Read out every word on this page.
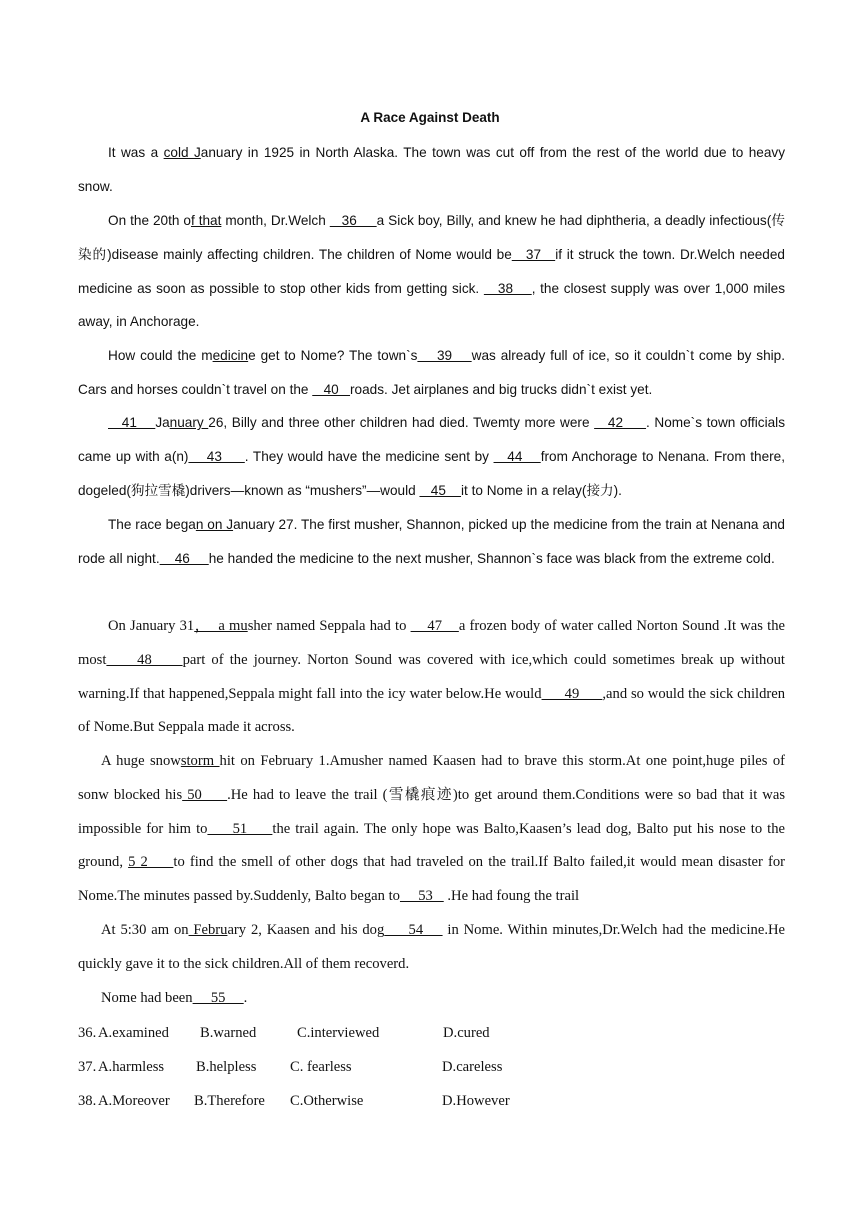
A Race Against Death

It was a cold January in 1925 in North Alaska. The town was cut off from the rest of the world due to heavy snow.

On the 20th of that month, Dr.Welch    36     a Sick boy, Billy, and knew he had diphtheria, a deadly infectious(传染的)disease mainly affecting children. The children of Nome would be   37   if it struck the town. Dr.Welch needed medicine as soon as possible to stop other kids from getting sick.    38    , the closest supply was over 1,000 miles away, in Anchorage.

How could the medicine get to Nome? The town`s    39    was already full of ice, so it couldn`t come by ship. Cars and horses couldn`t travel on the    40   roads. Jet airplanes and big trucks didn`t exist yet.

41    January 26, Billy and three other children had died. Twemty more were    42     . Nome`s town officials came up with a(n)    43     . They would have the medicine sent by    44    from Anchorage to Nenana. From there, dogeled(狗拉雪橇)drivers—known as “mushers”—would    45    it to Nome in a relay(接力).

The race began on January 27. The first musher, Shannon, picked up the medicine from the train at Nenana and rode all night.    46     he handed the medicine to the next musher, Shannon`s face was black from the extreme cold.

On January 31，  a musher named Seppala had to     47    a frozen body of water called Norton Sound .It was the most     48     part of the journey. Norton Sound was covered with ice,which could sometimes break up without warning.If that happened,Seppala might fall into the icy water below.He would      49      ,and so would the sick children of Nome.But Seppala made it across.

A huge snowstorm hit on February 1.Amusher named Kaasen had to brave this storm.At one point,huge piles of sonw blocked his 50     .He had to leave the trail (雪橇痕迹)to get around them.Conditions were so bad that it was impossible for him to     51     the trail again. The only hope was Balto,Kaasen’s lead dog, Balto put his nose to the ground, 5 2     to find the smell of other dogs that had traveled on the trail.If Balto failed,it would mean disaster for Nome.The minutes passed by.Suddenly, Balto began to     53    .He had foung the trail

At 5:30 am on February 2, Kaasen and his dog     54     in Nome. Within minutes,Dr.Welch had the medicine.He quickly gave it to the sick children.All of them recoverd.

Nome had been     55     .

36. A.examined B.warned	C.interviewed	D.cured
37. A.harmless B.helpless C. fearless	D.careless
38. A.Moreover B.Therefore C.Otherwise	D.However
